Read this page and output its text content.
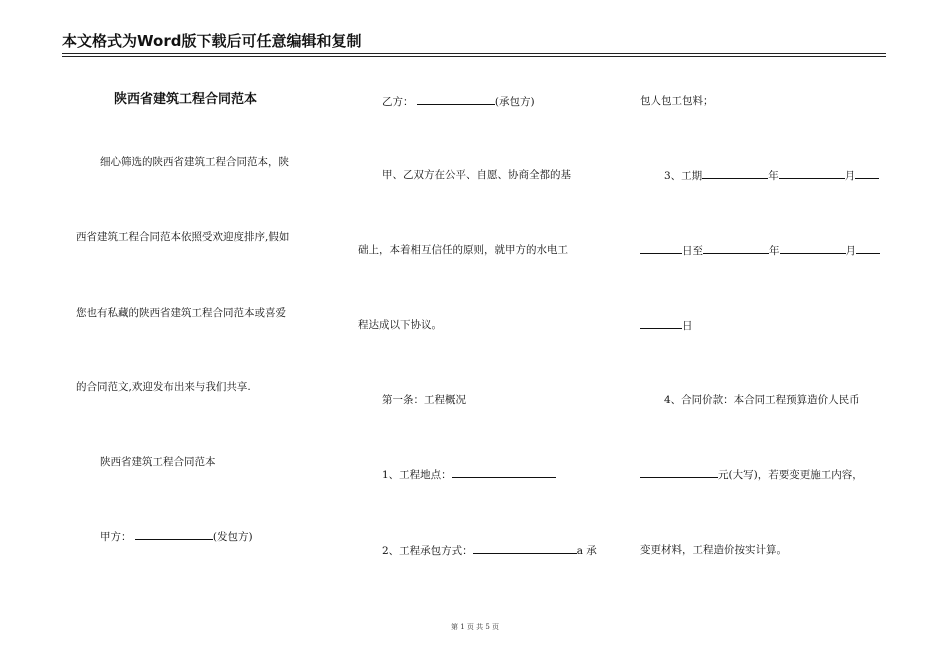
本文格式为Word版下载后可任意编辑和复制
陕西省建筑工程合同范本
细心筛选的陕西省建筑工程合同范本，陕
西省建筑工程合同范本依照受欢迎度排序,假如
您也有私藏的陕西省建筑工程合同范本或喜爱
的合同范文,欢迎发布出来与我们共享.
陕西省建筑工程合同范本
甲方：	(发包方)
乙方：	(承包方)
甲、乙双方在公平、自愿、协商全都的基
础上，本着相互信任的原则，就甲方的水电工
程达成以下协议。
第一条：工程概况
1、工程地点：
2、工程承包方式：	a 承
包人包工包料；
3、工期	年	月
日至	年	月
日
4、合同价款：本合同工程预算造价人民币
元(大写)，若要变更施工内容，
变更材料，工程造价按实计算。
第 1 页 共 5 页
